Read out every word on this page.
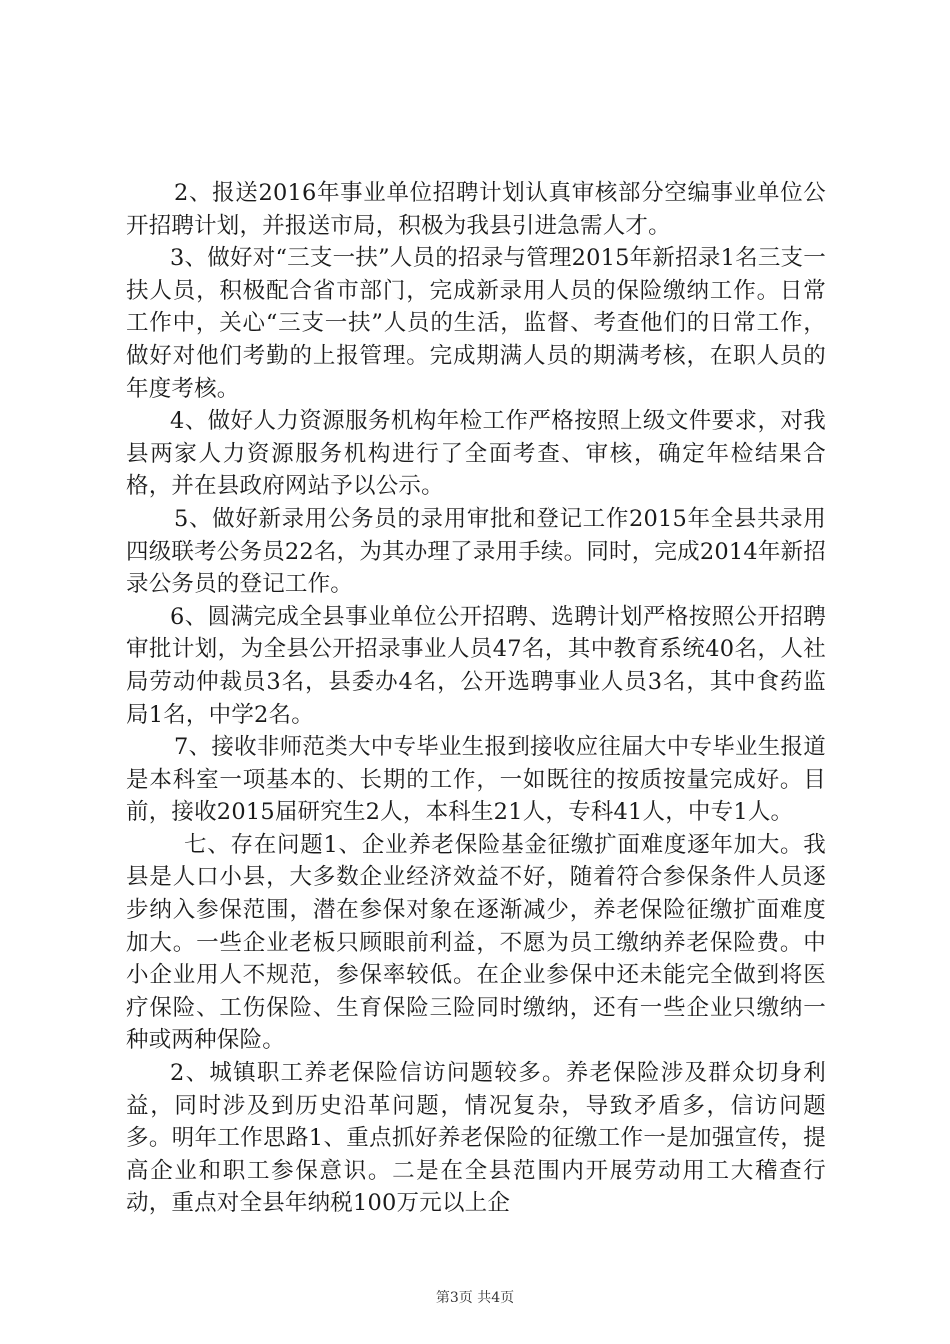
2、报送2016年事业单位招聘计划认真审核部分空编事业单位公开招聘计划，并报送市局，积极为我县引进急需人才。

3、做好对“三支一扶”人员的招录与管理2015年新招录1名三支一扶人员，积极配合省市部门，完成新录用人员的保险缴纳工作。日常工作中，关心“三支一扶”人员的生活，监督、考查他们的日常工作，做好对他们考勤的上报管理。完成期满人员的期满考核，在职人员的年度考核。

4、做好人力资源服务机构年检工作严格按照上级文件要求，对我县两家人力资源服务机构进行了全面考查、审核，确定年检结果合格，并在县政府网站予以公示。

5、做好新录用公务员的录用审批和登记工作2015年全县共录用四级联考公务员22名，为其办理了录用手续。同时，完成2014年新招录公务员的登记工作。

6、圆满完成全县事业单位公开招聘、选聘计划严格按照公开招聘审批计划，为全县公开招录事业人员47名，其中教育系统40名，人社局劳动仲裁员3名，县委办4名，公开选聘事业人员3名，其中食药监局1名，中学2名。

7、接收非师范类大中专毕业生报到接收应往届大中专毕业生报道是本科室一项基本的、长期的工作，一如既往的按质按量完成好。目前，接收2015届研究生2人，本科生21人，专科41人，中专1人。

七、存在问题1、企业养老保险基金征缴扩面难度逐年加大。我县是人口小县，大多数企业经济效益不好，随着符合参保条件人员逐步纳入参保范围，潜在参保对象在逐渐减少，养老保险征缴扩面难度加大。一些企业老板只顾眼前利益，不愿为员工缴纳养老保险费。中小企业用人不规范，参保率较低。在企业参保中还未能完全做到将医疗保险、工伤保险、生育保险三险同时缴纳，还有一些企业只缴纳一种或两种保险。

2、城镇职工养老保险信访问题较多。养老保险涉及群众切身利益，同时涉及到历史沿革问题，情况复杂，导致矛盾多，信访问题多。明年工作思路1、重点抓好养老保险的征缴工作一是加强宣传，提高企业和职工参保意识。二是在全县范围内开展劳动用工大稽查行动，重点对全县年纳税100万元以上企

第3页 共4页
